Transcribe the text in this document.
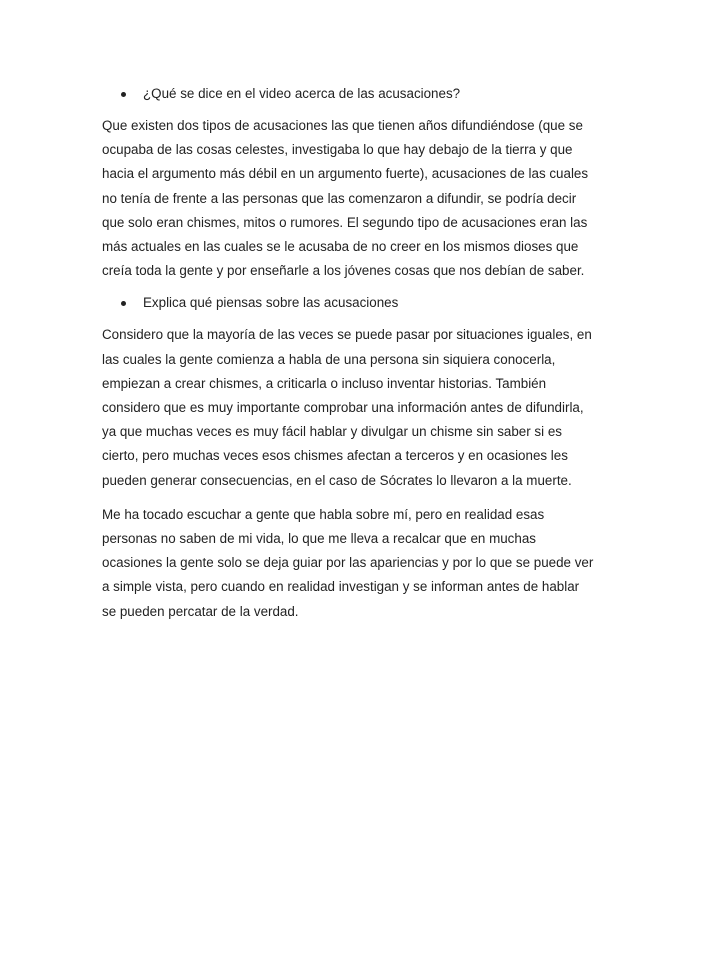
¿Qué se dice en el video acerca de las acusaciones?

Que existen dos tipos de acusaciones las que tienen años difundiéndose (que se
ocupaba de las cosas celestes, investigaba lo que hay debajo de la tierra y que
hacia el argumento más débil en un argumento fuerte), acusaciones de las cuales
no tenía de frente a las personas que las comenzaron a difundir, se podría decir
que solo eran chismes, mitos o rumores. El segundo tipo de acusaciones eran las
más actuales en las cuales se le acusaba de no creer en los mismos dioses que
creía toda la gente y por enseñarle a los jóvenes cosas que nos debían de saber.

Explica qué piensas sobre las acusaciones

Considero que la mayoría de las veces se puede pasar por situaciones iguales, en
las cuales la gente comienza a habla de una persona sin siquiera conocerla,
empiezan a crear chismes, a criticarla o incluso inventar historias. También
considero que es muy importante comprobar una información antes de difundirla,
ya que muchas veces es muy fácil hablar y divulgar un chisme sin saber si es
cierto, pero muchas veces esos chismes afectan a terceros y en ocasiones les
pueden generar consecuencias, en el caso de Sócrates lo llevaron a la muerte.

Me ha tocado escuchar a gente que habla sobre mí, pero en realidad esas
personas no saben de mi vida, lo que me lleva a recalcar que en muchas
ocasiones la gente solo se deja guiar por las apariencias y por lo que se puede ver
a simple vista, pero cuando en realidad investigan y se informan antes de hablar
se pueden percatar de la verdad.
